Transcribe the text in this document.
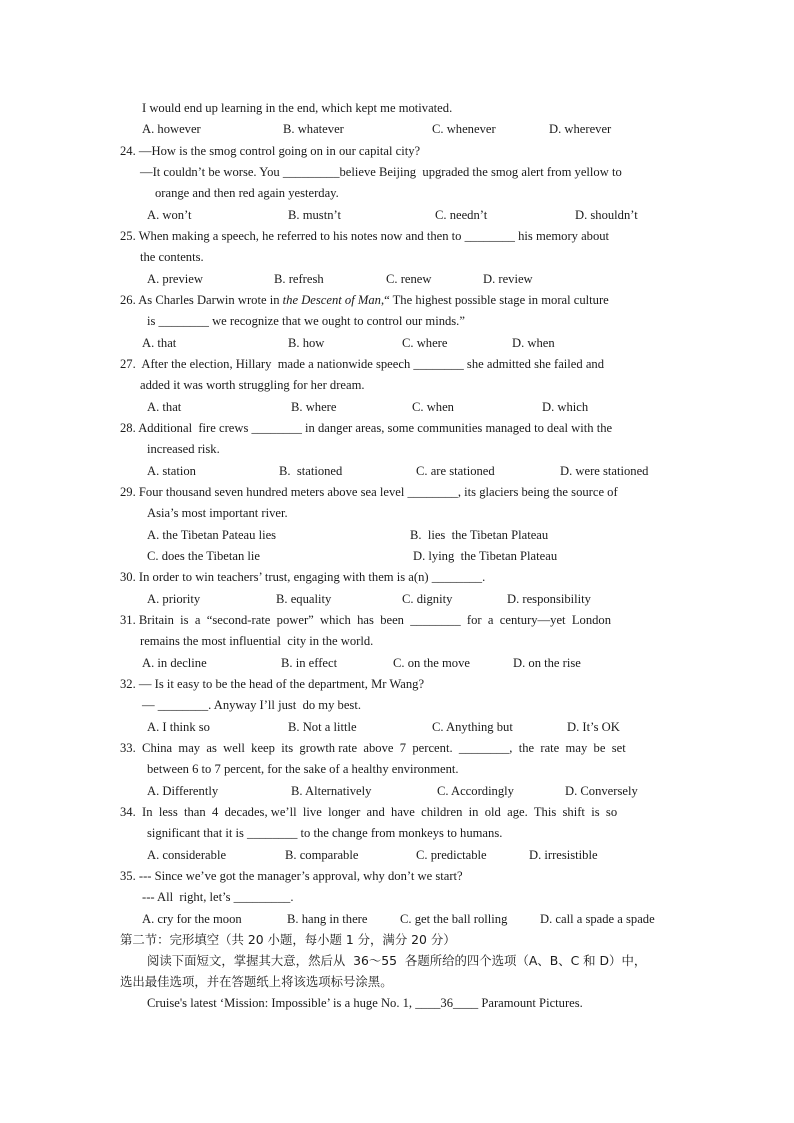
I would end up learning in the end, which kept me motivated.
A. however	B. whatever	C. whenever	D. wherever
24. —How is the smog control going on in our capital city?
—It couldn’t be worse. You _________believe Beijing  upgraded the smog alert from yellow to
orange and then red again yesterday.
A. won’t	B. mustn’t	C. needn’t	D. shouldn’t
25. When making a speech, he referred to his notes now and then to ________ his memory about
the contents.
A. preview	B. refresh	C. renew	D. review
26. As Charles Darwin wrote in the Descent of Man,“ The highest possible stage in moral culture
is ________ we recognize that we ought to control our minds.”
A. that	B. how	C. where	D. when
27.  After the election, Hillary  made a nationwide speech ________ she admitted she failed and
added it was worth struggling for her dream.
A. that	B. where	C. when	D. which
28. Additional  fire crews ________ in danger areas, some communities managed to deal with the
increased risk.
A. station	B.  stationed	C. are stationed	D. were stationed
29. Four thousand seven hundred meters above sea level ________, its glaciers being the source of
Asia’s most important river.
A. the Tibetan Pateau lies	B.  lies  the Tibetan Plateau
C. does the Tibetan lie	D. lying  the Tibetan Plateau
30. In order to win teachers’ trust, engaging with them is a(n) ________.
A. priority	B. equality	C. dignity	D. responsibility
31. Britain  is  a  “second-rate  power”  which  has  been  ________  for  a  century—yet  London
remains the most influential  city in the world.
A. in decline	B. in effect	C. on the move	D. on the rise
32. — Is it easy to be the head of the department, Mr Wang?
— ________. Anyway I’ll just  do my best.
A. I think so	B. Not a little	C. Anything but	D. It’s OK
33.  China  may  as  well  keep  its  growth rate  above  7  percent.  ________,  the  rate  may  be  set
between 6 to 7 percent, for the sake of a healthy environment.
A. Differently	B. Alternatively	C. Accordingly	D. Conversely
34.  In  less  than  4  decades, we’ll  live  longer  and  have  children  in  old  age.  This  shift  is  so
significant that it is ________ to the change from monkeys to humans.
A. considerable	B. comparable	C. predictable	D. irresistible
35. --- Since we’ve got the manager’s approval, why don’t we start?
--- All  right, let’s _________.
A. cry for the moon	B. hang in there	C. get the ball rolling	D. call a spade a spade
第二节：完形填空（共 20 小题，每小题 1 分，满分 20 分）
阅读下面短文，掌握其大意，然后从  36～55  各题所给的四个选项（A、B、C 和 D）中，
选出最佳选项，并在答题纸上将该选项标号涂黑。
Cruise's latest ‘Mission: Impossible’ is a huge No. 1, ____36____ Paramount Pictures.
